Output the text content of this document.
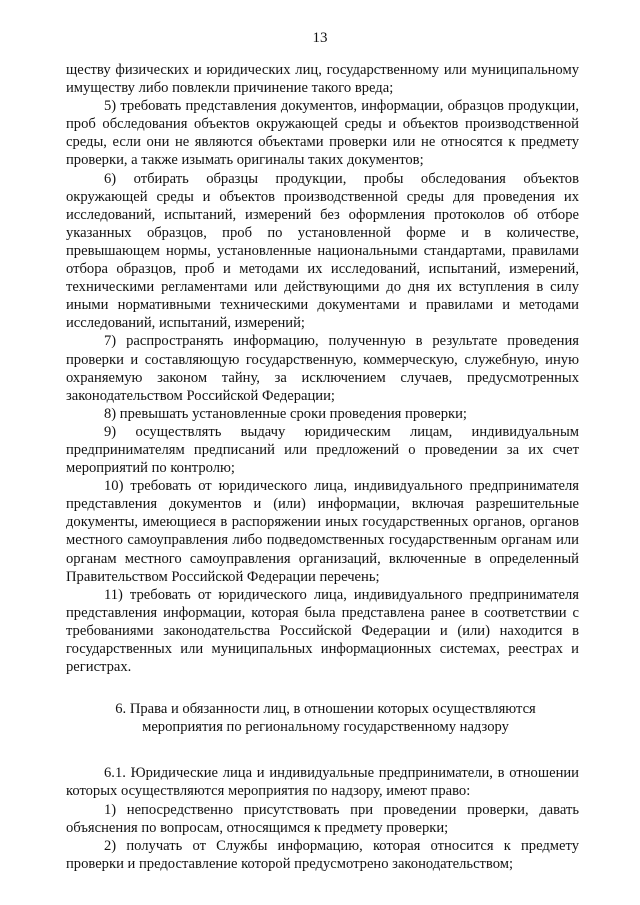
13

ществу физических и юридических лиц, государственному или муниципальному имуществу либо повлекли причинение такого вреда;

5) требовать представления документов, информации, образцов продукции, проб обследования объектов окружающей среды и объектов производственной среды, если они не являются объектами проверки или не относятся к предмету проверки, а также изымать оригиналы таких документов;

6) отбирать образцы продукции, пробы обследования объектов окружающей среды и объектов производственной среды для проведения их исследований, испытаний, измерений без оформления протоколов об отборе указанных образцов, проб по установленной форме и в количестве, превышающем нормы, установленные национальными стандартами, правилами отбора образцов, проб и методами их исследований, испытаний, измерений, техническими регламентами или действующими до дня их вступления в силу иными нормативными техническими документами и правилами и методами исследований, испытаний, измерений;

7) распространять информацию, полученную в результате проведения проверки и составляющую государственную, коммерческую, служебную, иную охраняемую законом тайну, за исключением случаев, предусмотренных законодательством Российской Федерации;

8) превышать установленные сроки проведения проверки;

9) осуществлять выдачу юридическим лицам, индивидуальным предпринимателям предписаний или предложений о проведении за их счет мероприятий по контролю;

10) требовать от юридического лица, индивидуального предпринимателя представления документов и (или) информации, включая разрешительные документы, имеющиеся в распоряжении иных государственных органов, органов местного самоуправления либо подведомственных государственным органам или органам местного самоуправления организаций, включенные в определенный Правительством Российской Федерации перечень;

11) требовать от юридического лица, индивидуального предпринимателя представления информации, которая была представлена ранее в соответствии с требованиями законодательства Российской Федерации и (или) находится в государственных или муниципальных информационных системах, реестрах и регистрах.

6. Права и обязанности лиц, в отношении которых осуществляются мероприятия по региональному государственному надзору

6.1. Юридические лица и индивидуальные предприниматели, в отношении которых осуществляются мероприятия по надзору, имеют право:

1) непосредственно присутствовать при проведении проверки, давать объяснения по вопросам, относящимся к предмету проверки;

2) получать от Службы информацию, которая относится к предмету проверки и предоставление которой предусмотрено законодательством;
